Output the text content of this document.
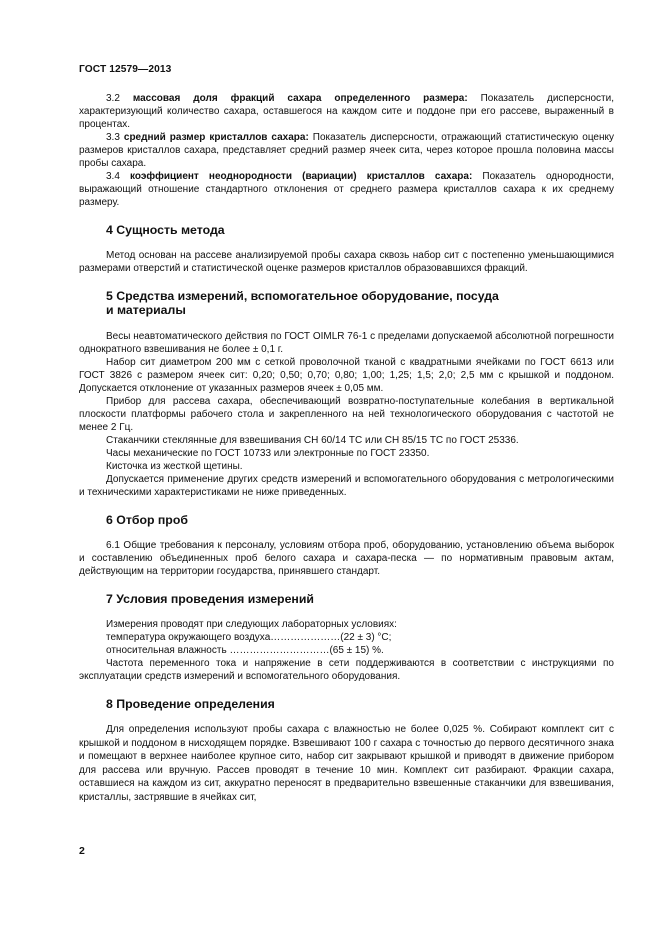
ГОСТ 12579—2013

3.2 массовая доля фракций сахара определенного размера: Показатель дисперсности, характеризующий количество сахара, оставшегося на каждом сите и поддоне при его рассеве, выраженный в процентах.

3.3 средний размер кристаллов сахара: Показатель дисперсности, отражающий статистическую оценку размеров кристаллов сахара, представляет средний размер ячеек сита, через которое прошла половина массы пробы сахара.

3.4 коэффициент неоднородности (вариации) кристаллов сахара: Показатель однородности, выражающий отношение стандартного отклонения от среднего размера кристаллов сахара к их среднему размеру.

4 Сущность метода

Метод основан на рассеве анализируемой пробы сахара сквозь набор сит с постепенно уменьшающимися размерами отверстий и статистической оценке размеров кристаллов образовавшихся фракций.

5 Средства измерений, вспомогательное оборудование, посуда
и материалы

Весы неавтоматического действия по ГОСТ OIMLR 76-1 с пределами допускаемой абсолютной погрешности однократного взвешивания не более ± 0,1 г.

Набор сит диаметром 200 мм с сеткой проволочной тканой с квадратными ячейками по ГОСТ 6613 или ГОСТ 3826 с размером ячеек сит: 0,20; 0,50; 0,70; 0,80; 1,00; 1,25; 1,5; 2,0; 2,5 мм с крышкой и поддоном. Допускается отклонение от указанных размеров ячеек ± 0,05 мм.

Прибор для рассева сахара, обеспечивающий возвратно-поступательные колебания в вертикальной плоскости платформы рабочего стола и закрепленного на ней технологического оборудования с частотой не менее 2 Гц.

Стаканчики стеклянные для взвешивания СН 60/14 ТС или СН 85/15 ТС по ГОСТ 25336.

Часы механические по ГОСТ 10733 или электронные по ГОСТ 23350.

Кисточка из жесткой щетины.

Допускается применение других средств измерений и вспомогательного оборудования с метрологическими и техническими характеристиками не ниже приведенных.

6 Отбор проб

6.1 Общие требования к персоналу, условиям отбора проб, оборудованию, установлению объема выборок и составлению объединенных проб белого сахара и сахара-песка — по нормативным правовым актам, действующим на территории государства, принявшего стандарт.

7 Условия проведения измерений

Измерения проводят при следующих лабораторных условиях:

температура окружающего воздуха…………………(22 ± 3) °C;

относительная влажность …………………………(65 ± 15) %.

Частота переменного тока и напряжение в сети поддерживаются в соответствии с инструкциями по эксплуатации средств измерений и вспомогательного оборудования.

8 Проведение определения

Для определения используют пробы сахара с влажностью не более 0,025 %. Собирают комплект сит с крышкой и поддоном в нисходящем порядке. Взвешивают 100 г сахара с точностью до первого десятичного знака и помещают в верхнее наиболее крупное сито, набор сит закрывают крышкой и приводят в движение прибором для рассева или вручную. Рассев проводят в течение 10 мин. Комплект сит разбирают. Фракции сахара, оставшиеся на каждом из сит, аккуратно переносят в предварительно взвешенные стаканчики для взвешивания, кристаллы, застрявшие в ячейках сит,

2
